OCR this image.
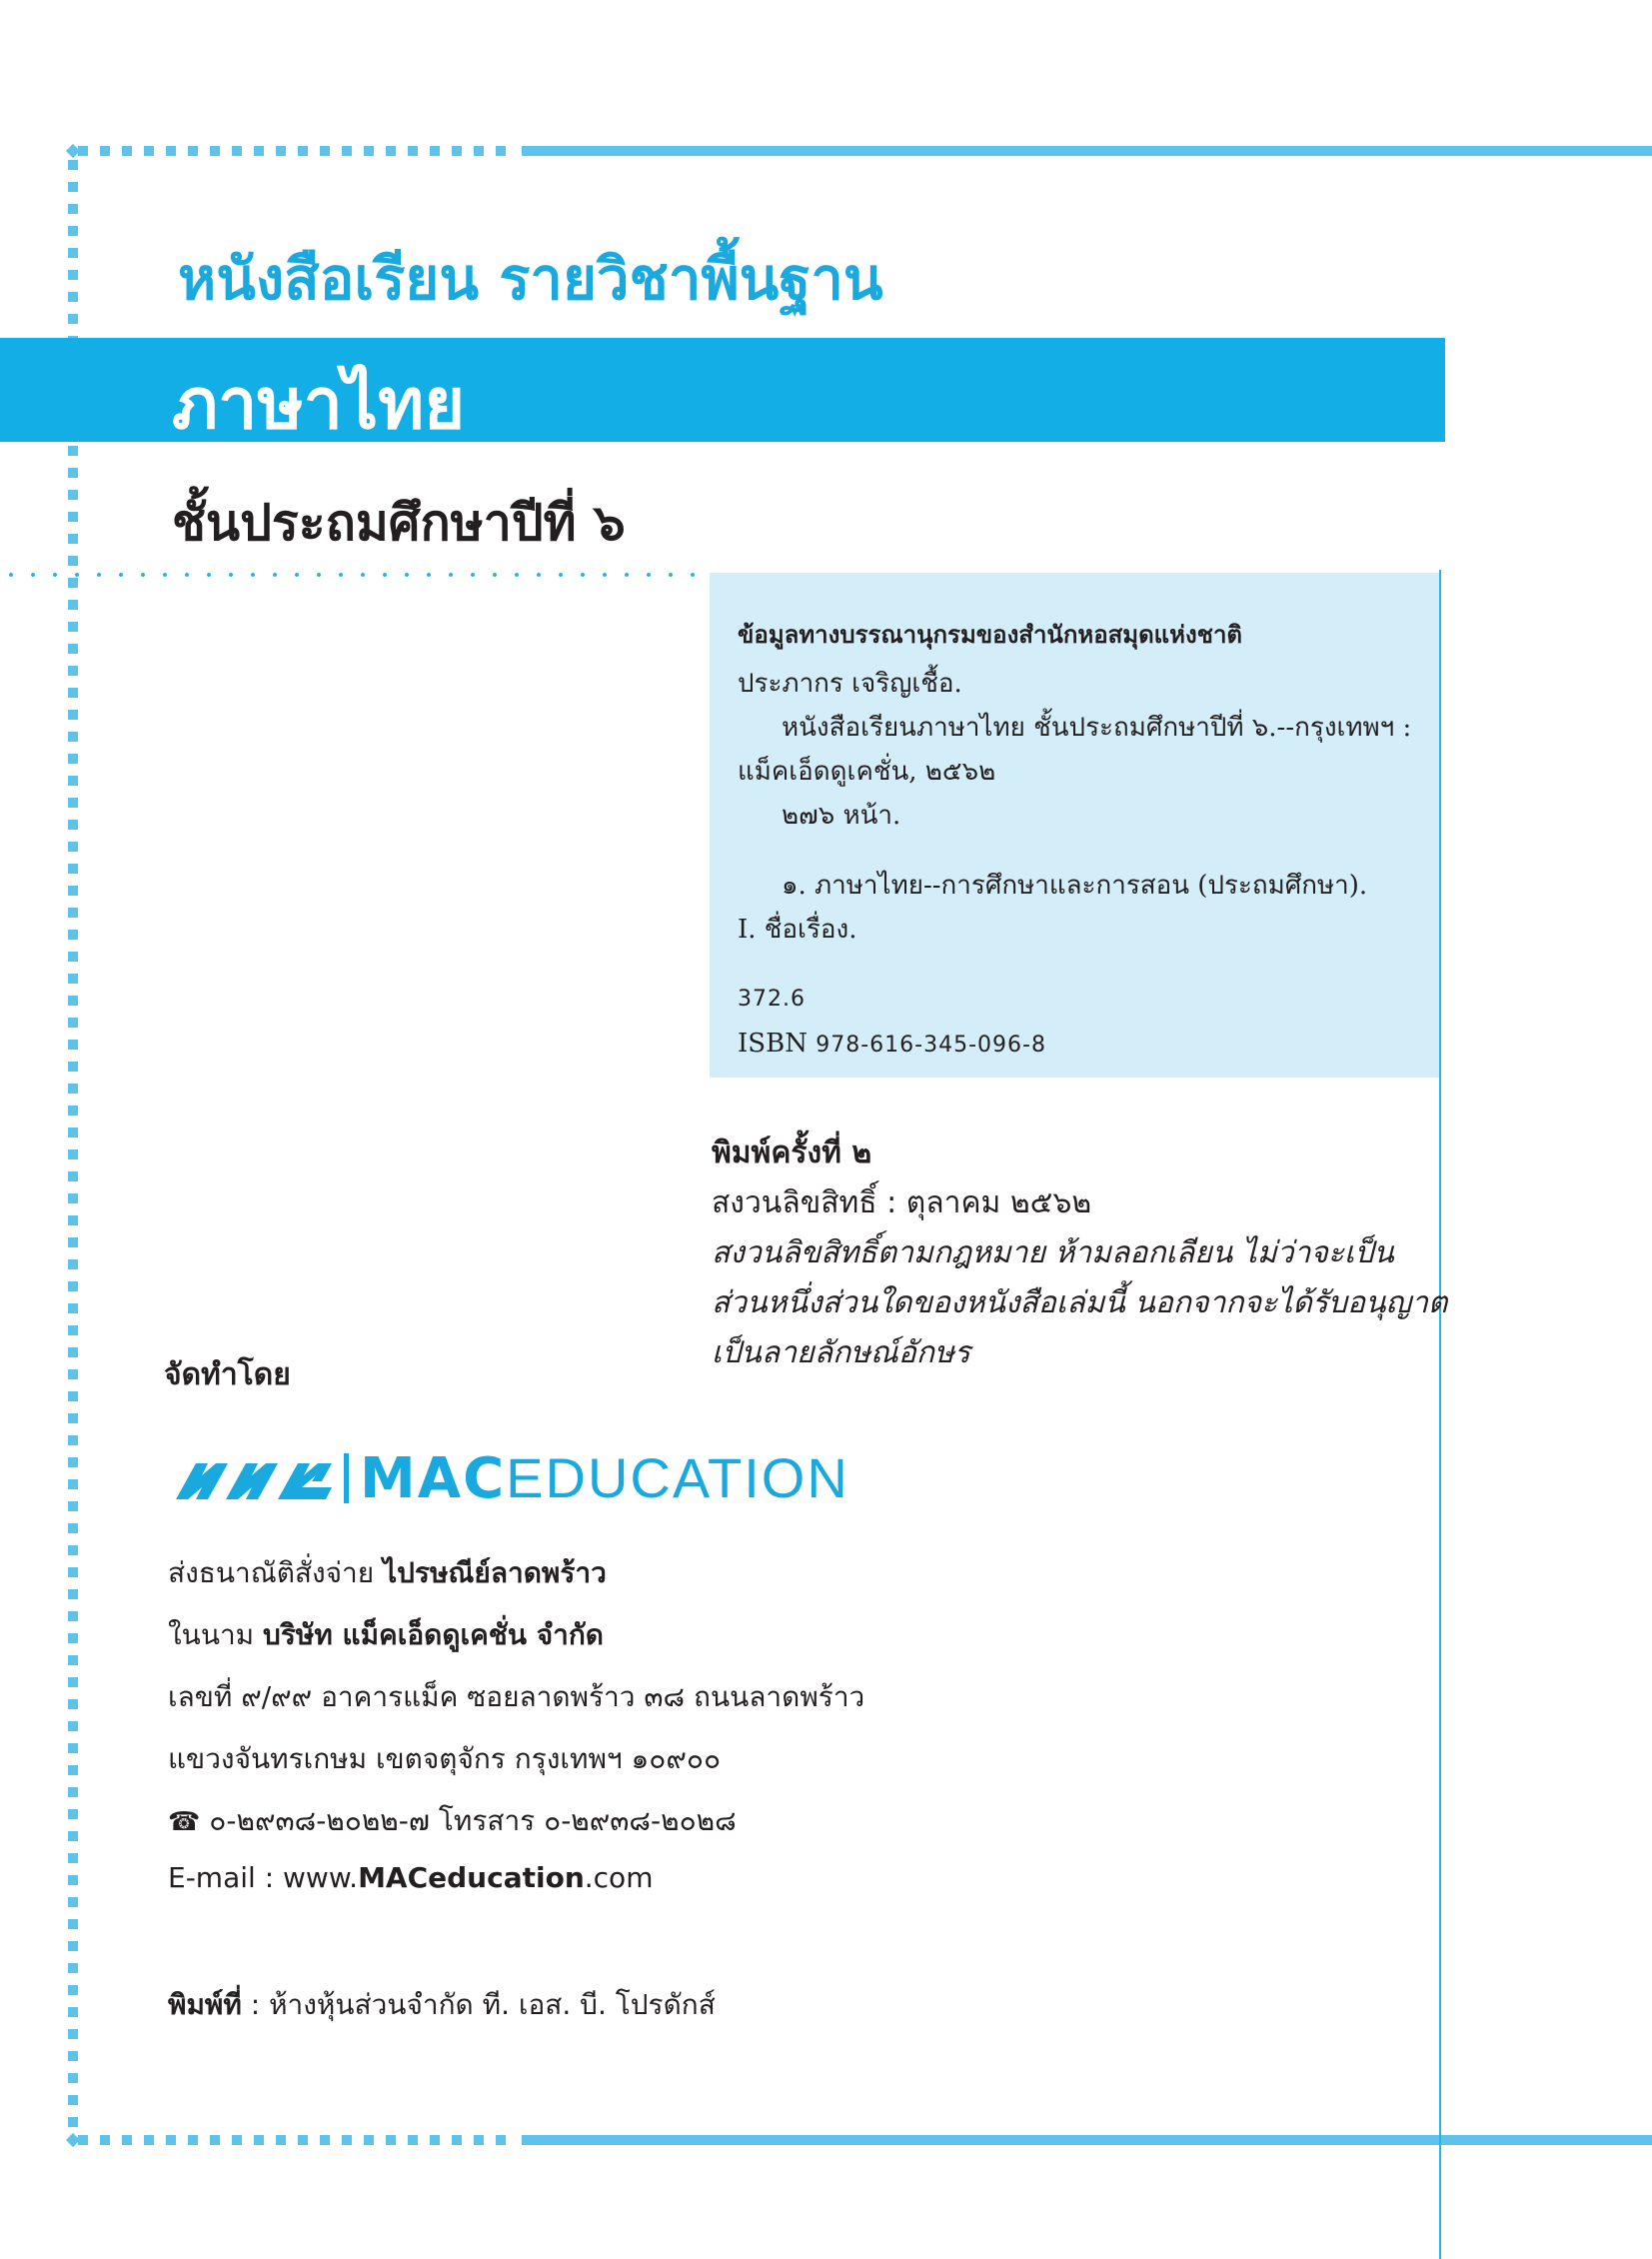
หนังสือเรียน รายวิชาพื้นฐาน
ภาษาไทย
ชั้นประถมศึกษาปีที่ ๖
ข้อมูลทางบรรณานุกรมของสำนักหอสมุดแห่งชาติ
ประภากร เจริญเชื้อ.
หนังสือเรียนภาษาไทย ชั้นประถมศึกษาปีที่ ๖.--กรุงเทพฯ :
แม็คเอ็ดดูเคชั่น, ๒๕๖๒
๒๗๖ หน้า.
๑. ภาษาไทย--การศึกษาและการสอน (ประถมศึกษา).
I. ชื่อเรื่อง.
372.6
ISBN 978-616-345-096-8
พิมพ์ครั้งที่ ๒
สงวนลิขสิทธิ์ : ตุลาคม ๒๕๖๒
สงวนลิขสิทธิ์ตามกฎหมาย ห้ามลอกเลียน ไม่ว่าจะเป็น
ส่วนหนึ่งส่วนใดของหนังสือเล่มนี้ นอกจากจะได้รับอนุญาต
เป็นลายลักษณ์อักษร
จัดทำโดย
MACEDUCATION
ส่งธนาณัติสั่งจ่าย ไปรษณีย์ลาดพร้าว
ในนาม บริษัท แม็คเอ็ดดูเคชั่น จำกัด
เลขที่ ๙/๙๙ อาคารแม็ค ซอยลาดพร้าว ๓๘ ถนนลาดพร้าว
แขวงจันทรเกษม เขตจตุจักร กรุงเทพฯ ๑๐๙๐๐
☎ ๐-๒๙๓๘-๒๐๒๒-๗ โทรสาร ๐-๒๙๓๘-๒๐๒๘
E-mail : www.MACeducation.com
พิมพ์ที่ : ห้างหุ้นส่วนจำกัด ที. เอส. บี. โปรดักส์
